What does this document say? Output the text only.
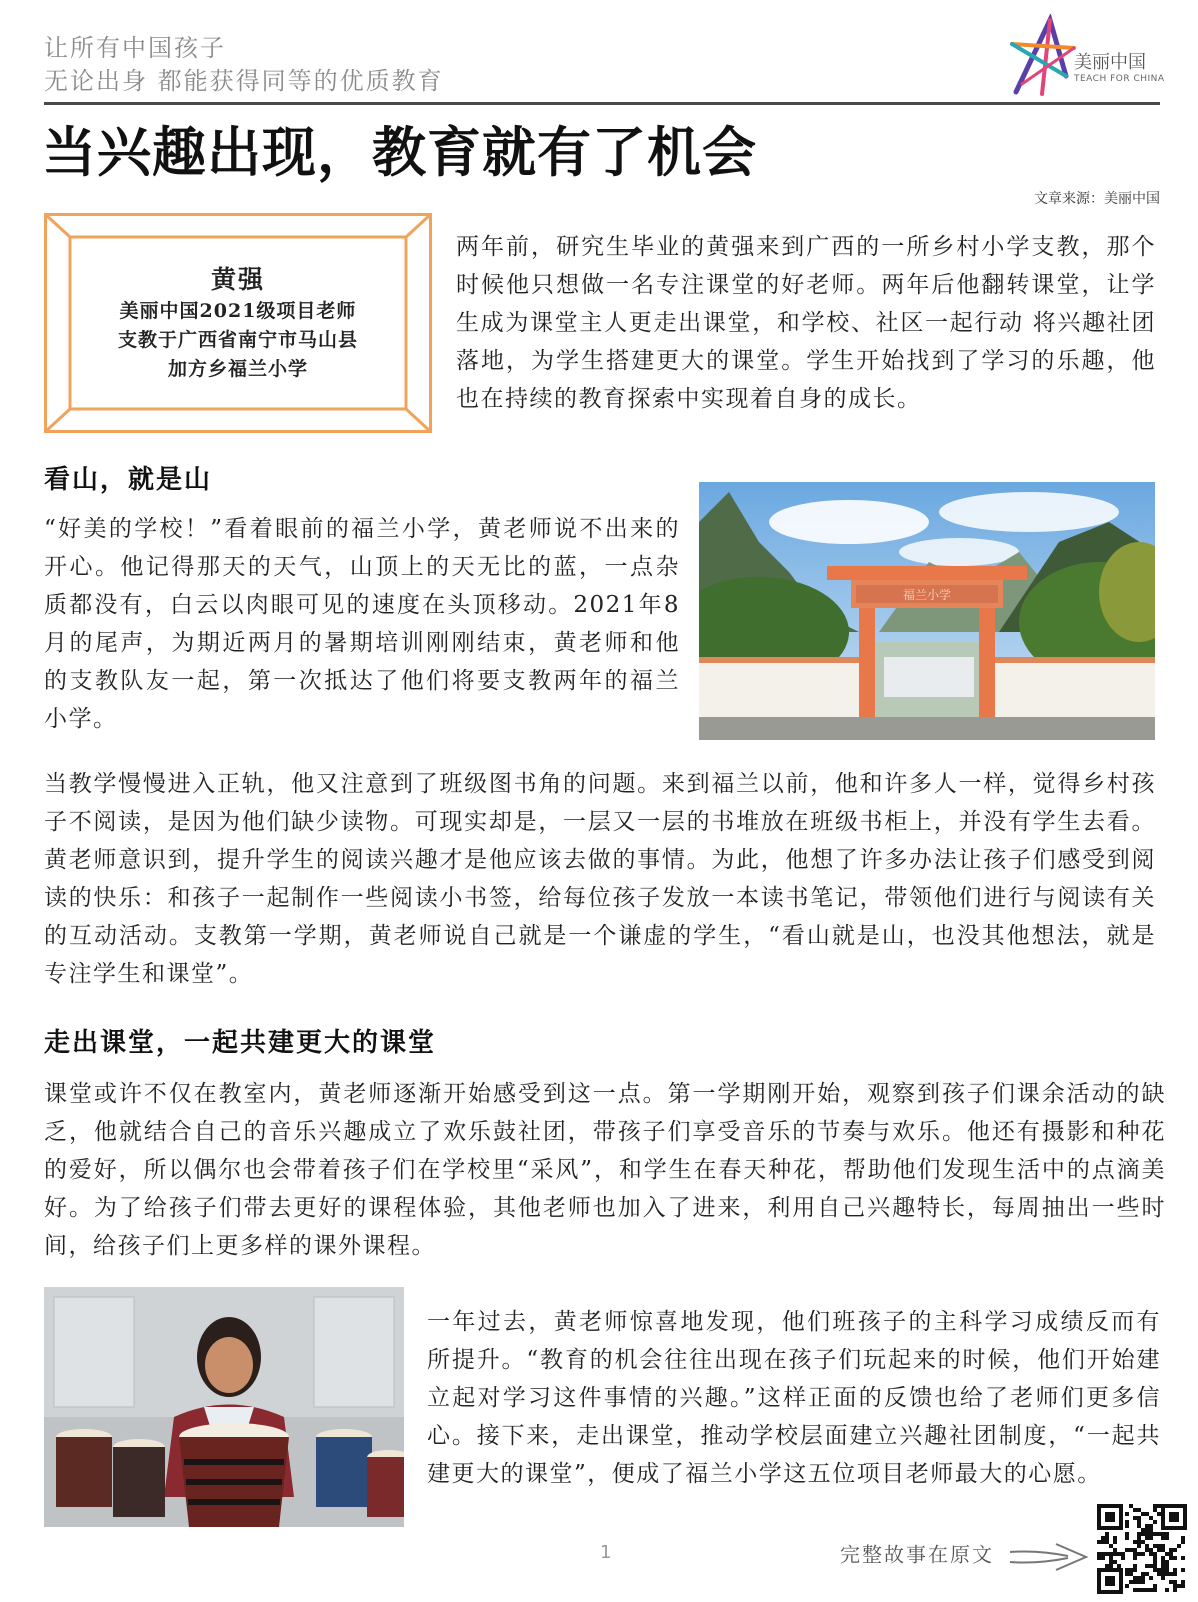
让所有中国孩子
无论出身 都能获得同等的优质教育
美丽中国
TEACH FOR CHINA
当兴趣出现，教育就有了机会
文章来源：美丽中国
黄强
美丽中国2021级项目老师
支教于广西省南宁市马山县
加方乡福兰小学

两年前，研究生毕业的黄强来到广西的一所乡村小学支教，那个时候他只想做一名专注课堂的好老师。两年后他翻转课堂，让学生成为课堂主人更走出课堂，和学校、社区一起行动 将兴趣社团落地，为学生搭建更大的课堂。学生开始找到了学习的乐趣，他也在持续的教育探索中实现着自身的成长。

看山，就是山

“好美的学校！”看着眼前的福兰小学，黄老师说不出来的开心。他记得那天的天气，山顶上的天无比的蓝，一点杂质都没有，白云以肉眼可见的速度在头顶移动。2021年8月的尾声，为期近两月的暑期培训刚刚结束，黄老师和他的支教队友一起，第一次抵达了他们将要支教两年的福兰小学。

福兰小学

当教学慢慢进入正轨，他又注意到了班级图书角的问题。来到福兰以前，他和许多人一样，觉得乡村孩子不阅读，是因为他们缺少读物。可现实却是，一层又一层的书堆放在班级书柜上，并没有学生去看。黄老师意识到，提升学生的阅读兴趣才是他应该去做的事情。为此，他想了许多办法让孩子们感受到阅读的快乐：和孩子一起制作一些阅读小书签，给每位孩子发放一本读书笔记，带领他们进行与阅读有关的互动活动。支教第一学期，黄老师说自己就是一个谦虚的学生，“看山就是山，也没其他想法，就是专注学生和课堂”。

走出课堂，一起共建更大的课堂

课堂或许不仅在教室内，黄老师逐渐开始感受到这一点。第一学期刚开始，观察到孩子们课余活动的缺乏，他就结合自己的音乐兴趣成立了欢乐鼓社团，带孩子们享受音乐的节奏与欢乐。他还有摄影和种花的爱好，所以偶尔也会带着孩子们在学校里“采风”，和学生在春天种花，帮助他们发现生活中的点滴美好。为了给孩子们带去更好的课程体验，其他老师也加入了进来，利用自己兴趣特长，每周抽出一些时间，给孩子们上更多样的课外课程。

一年过去，黄老师惊喜地发现，他们班孩子的主科学习成绩反而有所提升。“教育的机会往往出现在孩子们玩起来的时候，他们开始建立起对学习这件事情的兴趣。”这样正面的反馈也给了老师们更多信心。接下来，走出课堂，推动学校层面建立兴趣社团制度，“一起共建更大的课堂”，便成了福兰小学这五位项目老师最大的心愿。

1	完整故事在原文
